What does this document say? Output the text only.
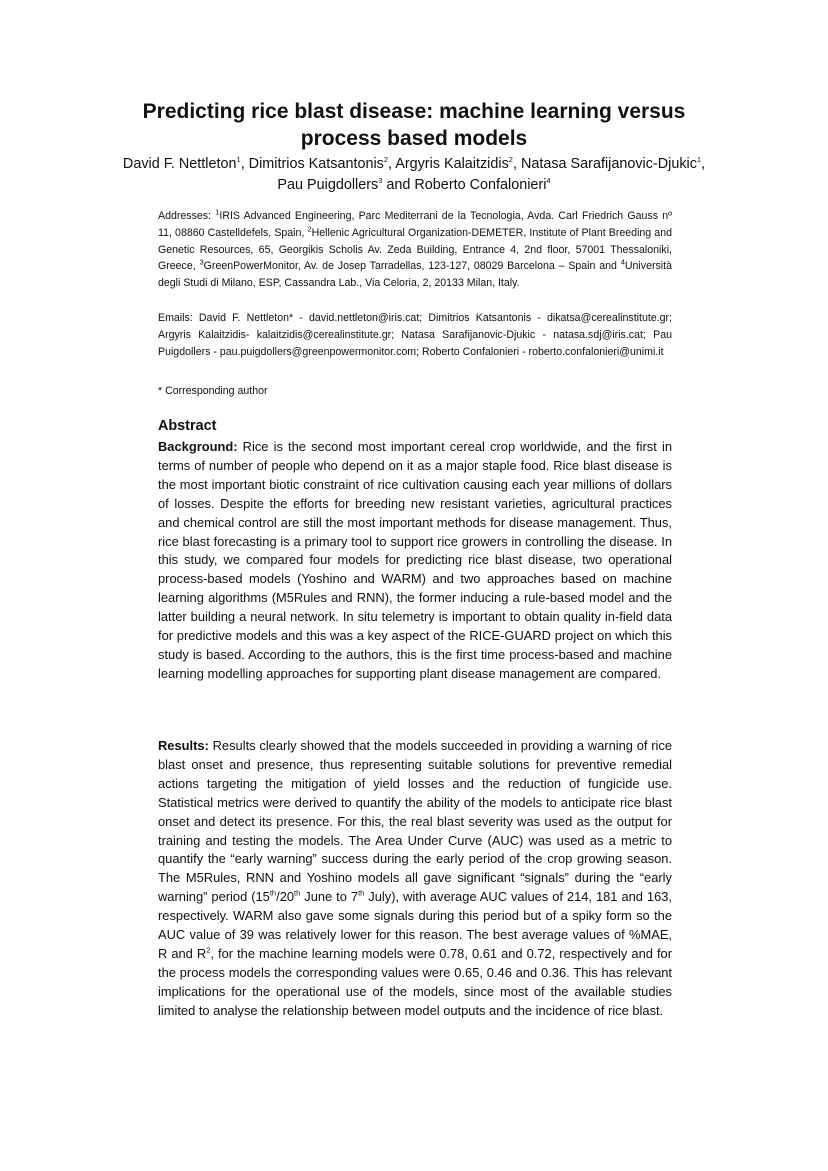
Predicting rice blast disease: machine learning versus process based models

David F. Nettleton$^1$, Dimitrios Katsantonis$^2$, Argyris Kalaitzidis$^2$, Natasa Sarafijanovic-Djukic$^1$, Pau Puigdollers$^3$ and Roberto Confalonieri$^4$

Addresses: $^1$IRIS Advanced Engineering, Parc Mediterrani de la Tecnologia, Avda. Carl Friedrich Gauss nº 11, 08860 Castelldefels, Spain, $^2$Hellenic Agricultural Organization-DEMETER, Institute of Plant Breeding and Genetic Resources, 65, Georgikis Scholis Av. Zeda Building, Entrance 4, 2nd floor, 57001 Thessaloniki, Greece, $^3$GreenPowerMonitor, Av. de Josep Tarradellas, 123-127, 08029 Barcelona – Spain and $^4$Università degli Studi di Milano, ESP, Cassandra Lab., Via Celoria, 2, 20133 Milan, Italy.

Emails: David F. Nettleton* - david.nettleton@iris.cat; Dimitrios Katsantonis - dikatsa@cerealinstitute.gr; Argyris Kalaitzidis- kalaitzidis@cerealinstitute.gr; Natasa Sarafijanovic-Djukic - natasa.sdj@iris.cat; Pau Puigdollers - pau.puigdollers@greenpowermonitor.com; Roberto Confalonieri - roberto.confalonieri@unimi.it

* Corresponding author

Abstract

Background: Rice is the second most important cereal crop worldwide, and the first in terms of number of people who depend on it as a major staple food. Rice blast disease is the most important biotic constraint of rice cultivation causing each year millions of dollars of losses. Despite the efforts for breeding new resistant varieties, agricultural practices and chemical control are still the most important methods for disease management. Thus, rice blast forecasting is a primary tool to support rice growers in controlling the disease. In this study, we compared four models for predicting rice blast disease, two operational process-based models (Yoshino and WARM) and two approaches based on machine learning algorithms (M5Rules and RNN), the former inducing a rule-based model and the latter building a neural network. In situ telemetry is important to obtain quality in-field data for predictive models and this was a key aspect of the RICE-GUARD project on which this study is based. According to the authors, this is the first time process-based and machine learning modelling approaches for supporting plant disease management are compared.

Results: Results clearly showed that the models succeeded in providing a warning of rice blast onset and presence, thus representing suitable solutions for preventive remedial actions targeting the mitigation of yield losses and the reduction of fungicide use. Statistical metrics were derived to quantify the ability of the models to anticipate rice blast onset and detect its presence. For this, the real blast severity was used as the output for training and testing the models. The Area Under Curve (AUC) was used as a metric to quantify the “early warning” success during the early period of the crop growing season. The M5Rules, RNN and Yoshino models all gave significant “signals” during the “early warning” period (15th/20th June to 7th July), with average AUC values of 214, 181 and 163, respectively. WARM also gave some signals during this period but of a spiky form so the AUC value of 39 was relatively lower for this reason. The best average values of %MAE, R and $R^2$, for the machine learning models were 0.78, 0.61 and 0.72, respectively and for the process models the corresponding values were 0.65, 0.46 and 0.36. This has relevant implications for the operational use of the models, since most of the available studies limited to analyse the relationship between model outputs and the incidence of rice blast.
